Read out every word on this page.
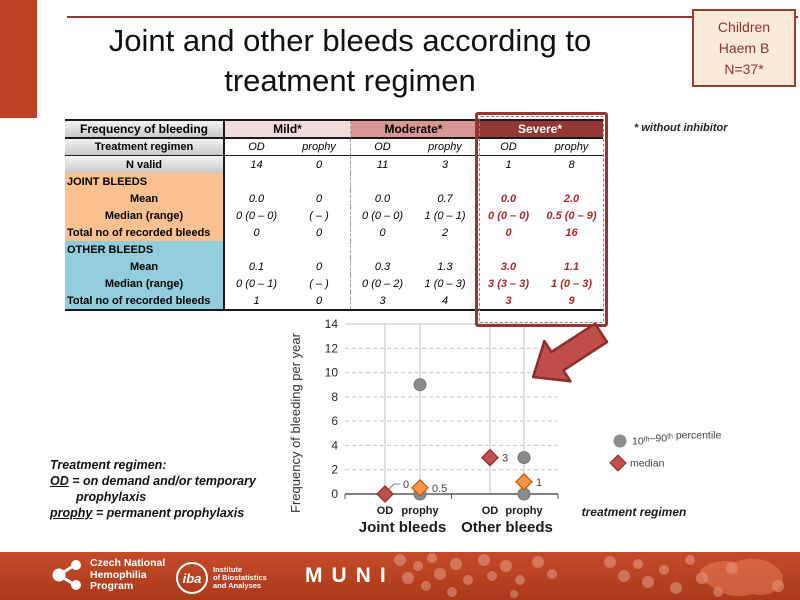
Children
Haem B
N=37*
Joint and other bleeds according to
treatment regimen
* without inhibitor
Frequency of bleeding	Mild*	Moderate*	Severe*
Treatment regimen	OD	prophy	OD	prophy	OD	prophy
N valid	14	0	11	3	1	8
JOINT BLEEDS
Mean	0.0	0	0.0	0.7	0.0	2.0
Median (range)	0 (0 – 0)	( – )	0 (0 – 0)	1 (0 – 1)	0 (0 – 0)	0.5 (0 – 9)
Total no of recorded bleeds	0	0	0	2	0	16
OTHER BLEEDS
Mean	0.1	0	0.3	1.3	3.0	1.1
Median (range)	0 (0 – 1)	( – )	0 (0 – 2)	1 (0 – 3)	3 (3 – 3)	1 (0 – 3)
Total no of recorded bleeds	1	0	3	4	3	9
0
2
4
6
8
10
12
14
Frequency of bleeding per year	0 0.5
3
1
OD prophy
Joint bleeds
OD prophy
Other bleeds
treatment regimen
10th–90th percentile
median
Treatment regimen:
OD = on demand and/or temporary
prophylaxis
prophy = permanent prophylaxis
Czech National
Hemophilia
Program
iba
Institute
of Biostatistics
and Analyses MUNI
